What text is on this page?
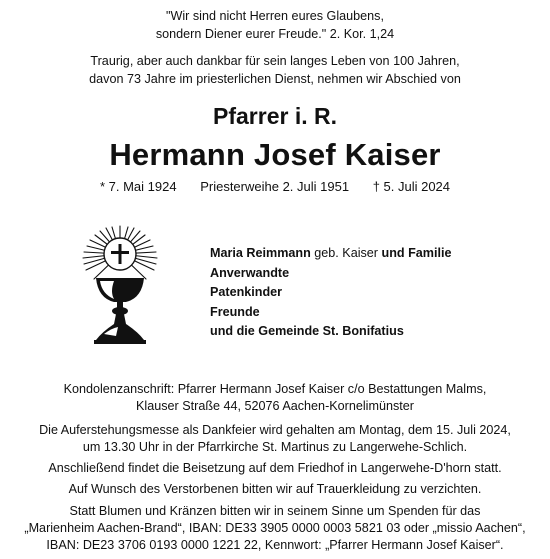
"Wir sind nicht Herren eures Glaubens,
sondern Diener eurer Freude." 2. Kor. 1,24
Traurig, aber auch dankbar für sein langes Leben von 100 Jahren,
davon 73 Jahre im priesterlichen Dienst, nehmen wir Abschied von
Pfarrer i. R.
Hermann Josef Kaiser
* 7. Mai 1924 Priesterweihe 2. Juli 1951 † 5. Juli 2024
Maria Reimmann geb. Kaiser und Familie
Anverwandte
Patenkinder
Freunde
und die Gemeinde St. Bonifatius
Kondolenzanschrift: Pfarrer Hermann Josef Kaiser c/o Bestattungen Malms,
Klauser Straße 44, 52076 Aachen-Kornelimünster
Die Auferstehungsmesse als Dankfeier wird gehalten am Montag, dem 15. Juli 2024,
um 13.30 Uhr in der Pfarrkirche St. Martinus zu Langerwehe-Schlich.
Anschließend findet die Beisetzung auf dem Friedhof in Langerwehe-D'horn statt.
Auf Wunsch des Verstorbenen bitten wir auf Trauerkleidung zu verzichten.
Statt Blumen und Kränzen bitten wir in seinem Sinne um Spenden für das
„Marienheim Aachen-Brand“, IBAN: DE33 3905 0000 0003 5821 03 oder „missio Aachen“,
IBAN: DE23 3706 0193 0000 1221 22, Kennwort: „Pfarrer Hermann Josef Kaiser“.
